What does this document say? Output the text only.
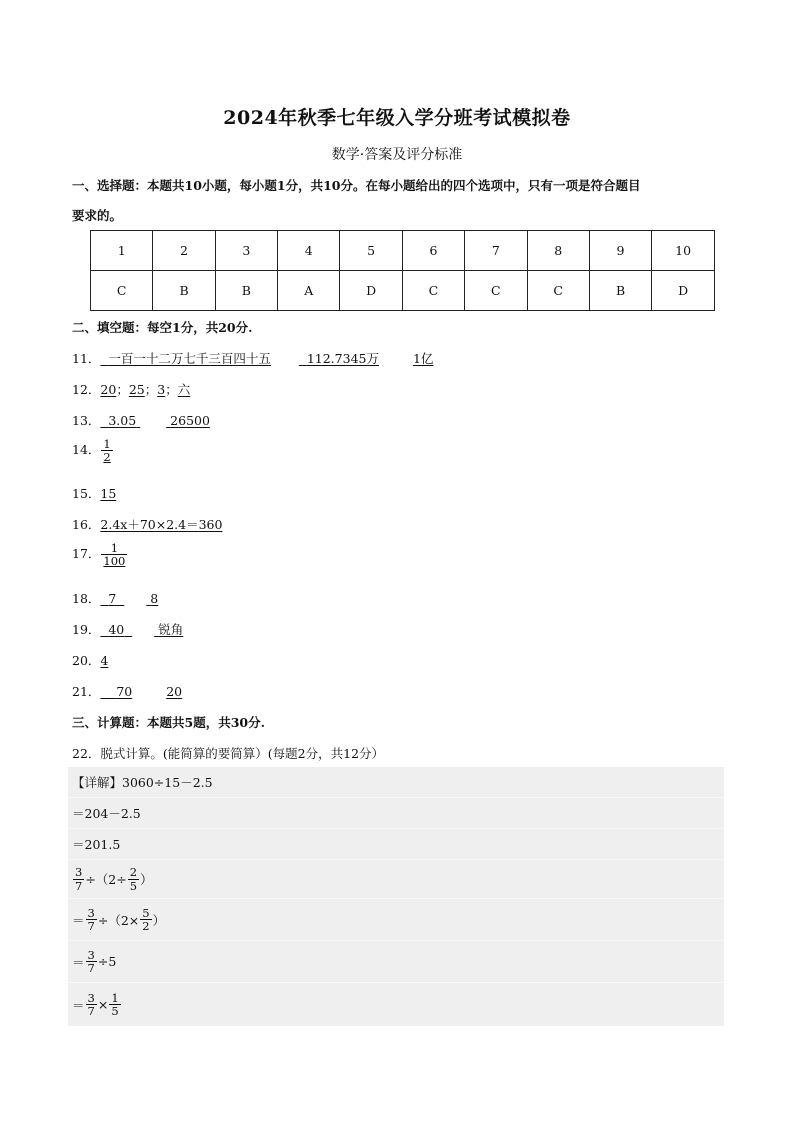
2024年秋季七年级入学分班考试模拟卷
数学·答案及评分标准
一、选择题：本题共10小题，每小题1分，共10分。在每小题给出的四个选项中，只有一项是符合题目
要求的。
1	2	3	4	5	6	7	8	9	10
C	B	B	A	D	C	C	C	B	D
二、填空题：每空1分，共20分.
11． 一百一十二万七千三百四十五	112.7345万	1亿
12．20；25；3；六
13． 3.05	26500
14． $\frac{1}{2}$
15．15
16．2.4x＋70×2.4＝360
17． $\frac{1}{100}$
18． 7	8
19． 40	锐角
20．4
21． 70	20
三、计算题：本题共5题，共30分.
22．脱式计算。(能简算的要简算）(每题2分，共12分）
【详解】3060÷15－2.5
＝204－2.5
＝201.5
$\frac{3}{7} \div(2\div \frac{2}{5}$ ）
＝ $\frac{3}{7} \div(2\times \frac{5}{2}$ ）
＝ $\frac{3}{7} \div 5$
＝ $\frac{3}{7} \times \frac{1}{5}$
